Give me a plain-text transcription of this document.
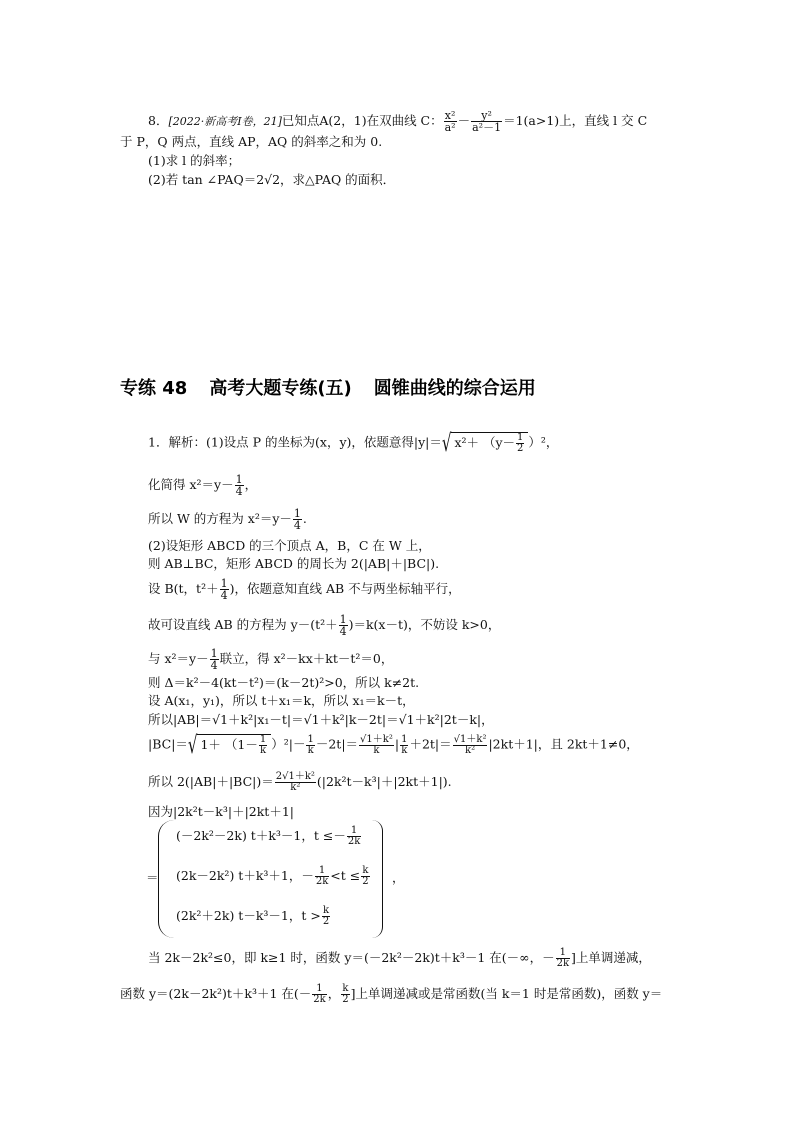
8．[2022·新高考Ⅰ卷，21]已知点A(2，1)在双曲线 C： $\frac{\text{x²}}{\text{a²}} - \frac{\text{y²}}{\text{a²－1}} =1(a>1)$上，直线 l 交 C
于 P，Q 两点，直线 AP，AQ 的斜率之和为 0.
(1)求 l 的斜率；
(2)若 tan ∠PAQ＝2√2，求△PAQ 的面积．
专练 48 高考大题专练(五) 圆锥曲线的综合运用
1．解析：(1)设点 P 的坐标为(x，y)，依题意得|y|＝√ $x^2+ (y- \frac{1}{2} )^2$，
化简得 $x^2=y- \frac{1}{4}$ ，
所以 W 的方程为 $x^2=y- \frac{1}{4}$ .
(2)设矩形 ABCD 的三个顶点 A，B，C 在 W 上，
则 AB⊥BC，矩形 ABCD 的周长为 2(|AB|＋|BC|).
设 B(t，$t^2+ \frac{1}{4}$ )，依题意知直线 AB 不与两坐标轴平行，
故可设直线 AB 的方程为 $y-(t^2+ \frac{1}{4} )=k(x-t)$，不妨设 k>0，
与 $x^2=y- \frac{1}{4}$ 联立，得 x²－kx＋kt－t²＝0，
则 Δ＝k²－4(kt－t²)＝(k－2t)²>0，所以 k≠2t.
设 A(x₁，y₁)，所以 t＋x₁＝k，所以 x₁＝k－t，
所以|AB|＝√1＋k²|x₁－t|＝√1＋k²|k－2t|＝√1＋k²|2t－k|，
|BC|＝√ $1+ (1- \frac{1}{k} )^2|- \frac{1}{k} -2t|= \frac{\text{√1＋k²}}{k}$ | $\frac{1}{k} +2t|= \frac{\text{√1＋k²}}{\text{k²}} |2kt+1|$，且 2kt＋1≠0，
所以 $2(|AB|+|BC|)= \frac{\text{2√1＋k²}}{\text{k²}} (|2k^2t-k^3|+|2kt+1|)$.
因为|2k²t－k³|＋|2kt＋1|
＝
(－2k²－2k) t＋k³－1，$t \le- \frac{1}{2k}$
(2k－2k²) t＋k³＋1，－ $\frac{1}{2k} <t \le \frac{k}{2}$
(2k²＋2k) t－k³－1，$t > \frac{k}{2}$
，
当 2k－2k²≤0，即 k≥1 时，函数 y＝(－2k²－2k)t＋k³－1 在(－∞，－ $\frac{1}{2k}$ ]上单调递减，
函数 y＝(2k－2k²)t＋k³＋1 在(－ $\frac{1}{2k}$ ， $\frac{k}{2}$ ]上单调递减或是常函数(当 k＝1 时是常函数)，函数 y＝
